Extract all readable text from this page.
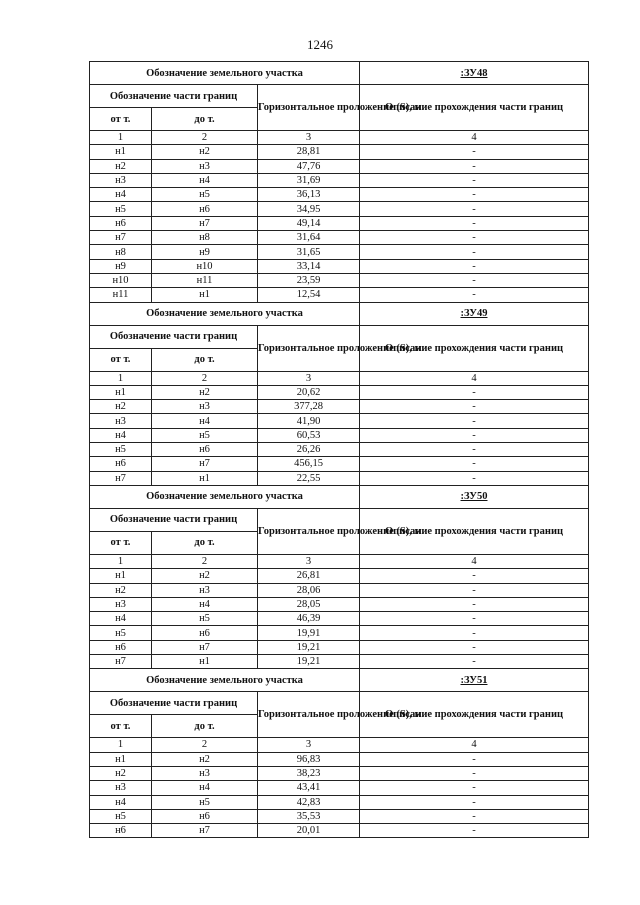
1246
Обозначение земельного участка			:ЗУ48
Обозначение части границ		Горизонтальное проложение (S), м	Описание прохождения части границ
от т.	до т.		
1	2	3	4
н1	н2	28,81	-
н2	н3	47,76	-
н3	н4	31,69	-
н4	н5	36,13	-
н5	н6	34,95	-
н6	н7	49,14	-
н7	н8	31,64	-
н8	н9	31,65	-
н9	н10	33,14	-
н10	н11	23,59	-
н11	н1	12,54	-
Обозначение земельного участка			:ЗУ49
Обозначение части границ		Горизонтальное проложение (S), м	Описание прохождения части границ
от т.	до т.		
1	2	3	4
н1	н2	20,62	-
н2	н3	377,28	-
н3	н4	41,90	-
н4	н5	60,53	-
н5	н6	26,26	-
н6	н7	456,15	-
н7	н1	22,55	-
Обозначение земельного участка			:ЗУ50
Обозначение части границ		Горизонтальное проложение (S), м	Описание прохождения части границ
от т.	до т.		
1	2	3	4
н1	н2	26,81	-
н2	н3	28,06	-
н3	н4	28,05	-
н4	н5	46,39	-
н5	н6	19,91	-
н6	н7	19,21	-
н7	н1	19,21	-
Обозначение земельного участка			:ЗУ51
Обозначение части границ		Горизонтальное проложение (S), м	Описание прохождения части границ
от т.	до т.		
1	2	3	4
н1	н2	96,83	-
н2	н3	38,23	-
н3	н4	43,41	-
н4	н5	42,83	-
н5	н6	35,53	-
н6	н7	20,01	-
